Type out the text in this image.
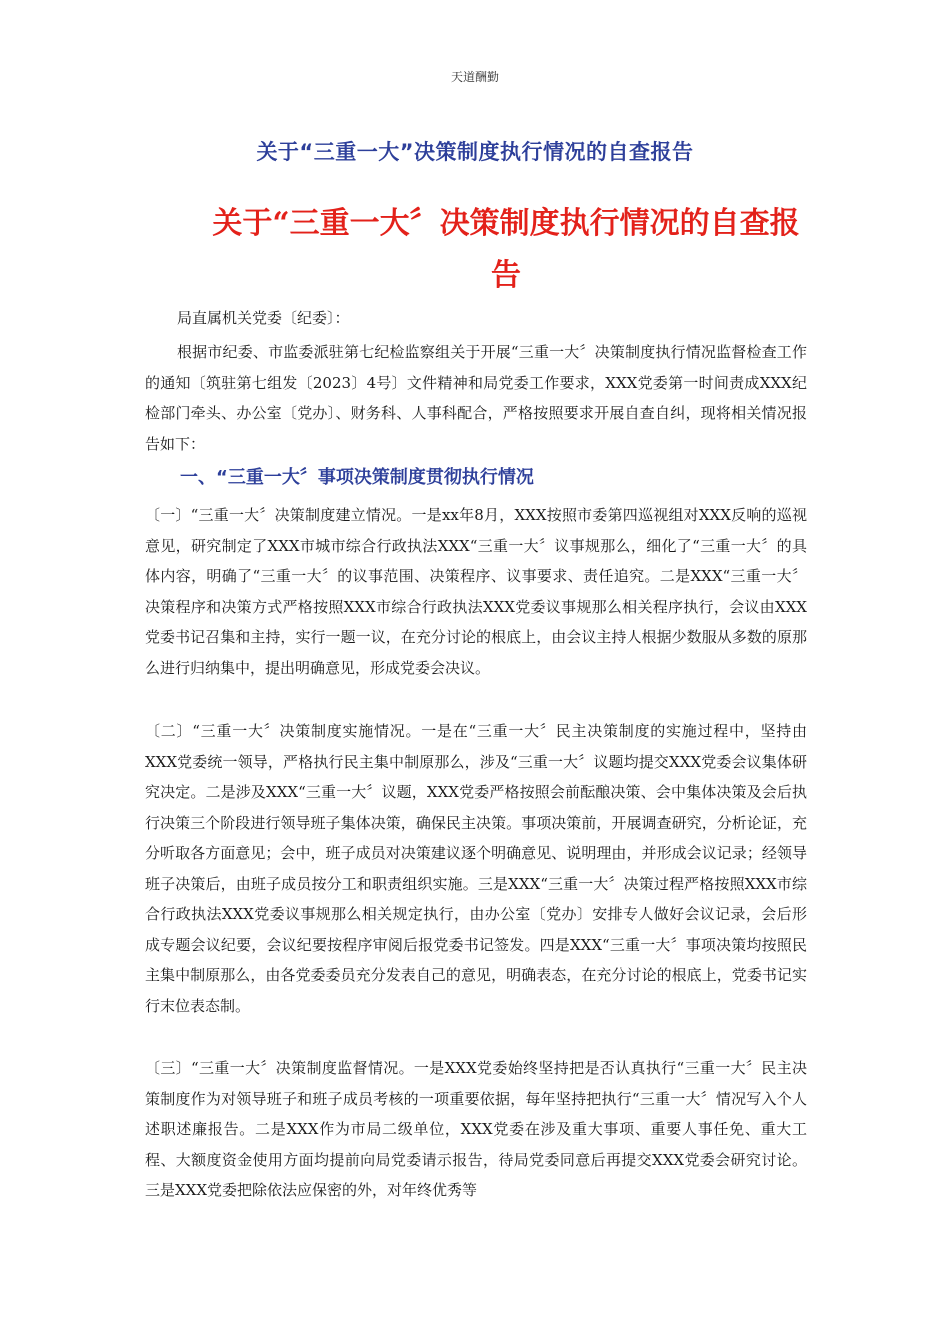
天道酬勤
关于“三重一大”决策制度执行情况的自查报告
关于“三重一大〞决策制度执行情况的自查报告
局直属机关党委〔纪委〕：
根据市纪委、市监委派驻第七纪检监察组关于开展“三重一大〞决策制度执行情况监督检查工作的通知〔筑驻第七组发〔2023〕4号〕文件精神和局党委工作要求，XXX党委第一时间责成XXX纪检部门牵头、办公室〔党办〕、财务科、人事科配合，严格按照要求开展自查自纠，现将相关情况报告如下：
一、“三重一大〞事项决策制度贯彻执行情况
〔一〕“三重一大〞决策制度建立情况。一是xx年8月，XXX按照市委第四巡视组对XXX反响的巡视意见，研究制定了XXX市城市综合行政执法XXX“三重一大〞议事规那么，细化了“三重一大〞的具体内容，明确了“三重一大〞的议事范围、决策程序、议事要求、责任追究。二是XXX“三重一大〞决策程序和决策方式严格按照XXX市综合行政执法XXX党委议事规那么相关程序执行，会议由XXX党委书记召集和主持，实行一题一议，在充分讨论的根底上，由会议主持人根据少数服从多数的原那么进行归纳集中，提出明确意见，形成党委会决议。
〔二〕“三重一大〞决策制度实施情况。一是在“三重一大〞民主决策制度的实施过程中，坚持由XXX党委统一领导，严格执行民主集中制原那么，涉及“三重一大〞议题均提交XXX党委会议集体研究决定。二是涉及XXX“三重一大〞议题，XXX党委严格按照会前酝酿决策、会中集体决策及会后执行决策三个阶段进行领导班子集体决策，确保民主决策。事项决策前，开展调查研究，分析论证，充分听取各方面意见；会中，班子成员对决策建议逐个明确意见、说明理由，并形成会议记录；经领导班子决策后，由班子成员按分工和职责组织实施。三是XXX“三重一大〞决策过程严格按照XXX市综合行政执法XXX党委议事规那么相关规定执行，由办公室〔党办〕安排专人做好会议记录，会后形成专题会议纪要，会议纪要按程序审阅后报党委书记签发。四是XXX“三重一大〞事项决策均按照民主集中制原那么，由各党委委员充分发表自己的意见，明确表态，在充分讨论的根底上，党委书记实行末位表态制。
〔三〕“三重一大〞决策制度监督情况。一是XXX党委始终坚持把是否认真执行“三重一大〞民主决策制度作为对领导班子和班子成员考核的一项重要依据，每年坚持把执行“三重一大〞情况写入个人述职述廉报告。二是XXX作为市局二级单位，XXX党委在涉及重大事项、重要人事任免、重大工程、大额度资金使用方面均提前向局党委请示报告，待局党委同意后再提交XXX党委会研究讨论。三是XXX党委把除依法应保密的外，对年终优秀等
